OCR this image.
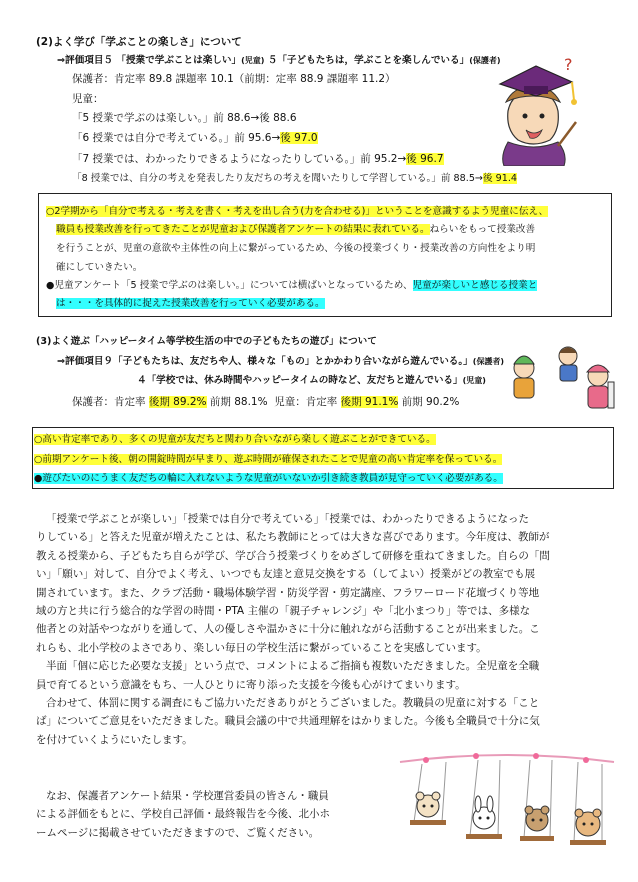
(2)よく学び「学ぶことの楽しさ」について
⇒評価項目５ 「授業で学ぶことは楽しい」(児童) ５「子どもたちは，学ぶことを楽しんでいる」(保護者)
保護者：肯定率 89.8 課題率 10.1（前期：定率 88.9 課題率 11.2）
児童：
「5 授業で学ぶのは楽しい。」前 88.6→後 88.6
「6 授業では自分で考えている。」前 95.6→後 97.0
「7 授業では、わかったりできるようになったりしている。」前 95.2→後 96.7
「8 授業では、自分の考えを発表したり友だちの考えを聞いたりして学習している。」前 88.5→後 91.4
?
○2学期から「自分で考える・考えを書く・考えを出し合う(力を合わせる)」ということを意識するよう児童に伝え、
職員も授業改善を行ってきたことが児童および保護者アンケートの結果に表れている。ねらいをもって授業改善
を行うことが、児童の意欲や主体性の向上に繋がっているため、今後の授業づくり・授業改善の方向性をより明
確にしていきたい。
●児童アンケート「5 授業で学ぶのは楽しい。」については横ばいとなっているため、児童が楽しいと感じる授業と
は・・・を具体的に捉えた授業改善を行っていく必要がある。
(3)よく遊ぶ「ハッピータイム等学校生活の中での子どもたちの遊び」について
⇒評価項目９「子どもたちは、友だちや人、様々な「もの」とかかわり合いながら遊んでいる。」(保護者)
４「学校では、休み時間やハッピータイムの時など、友だちと遊んでいる」(児童)
保護者：肯定率 後期 89.2% 前期 88.1% 児童：肯定率 後期 91.1% 前期 90.2%
○高い肯定率であり、多くの児童が友だちと関わり合いながら楽しく遊ぶことができている。
○前期アンケート後、朝の開錠時間が早まり、遊ぶ時間が確保されたことで児童の高い肯定率を保っている。
●遊びたいのにうまく友だちの輪に入れないような児童がいないか引き続き教員が見守っていく必要がある。

「授業で学ぶことが楽しい」「授業では自分で考えている」「授業では、わかったりできるようになった

りしている」と答えた児童が増えたことは、私たち教師にとっては大きな喜びであります。今年度は、教師が

教える授業から、子どもたち自らが学び、学び合う授業づくりをめざして研修を重ねてきました。自らの「問

い」「願い」対して、自分でよく考え、いつでも友達と意見交換をする（してよい）授業がどの教室でも展

開されています。また、クラブ活動・職場体験学習・防災学習・剪定講座、フラワーロード花壇づくり等地

域の方と共に行う総合的な学習の時間・PTA 主催の「親子チャレンジ」や「北小まつり」等では、多様な

他者との対話やつながりを通して、人の優しさや温かさに十分に触れながら活動することが出来ました。こ

れらも、北小学校のよさであり、楽しい毎日の学校生活に繋がっていることを実感しています。

半面「個に応じた必要な支援」という点で、コメントによるご指摘も複数いただきました。全児童を全職

員で育てるという意識をもち、一人ひとりに寄り添った支援を今後も心がけてまいります。

合わせて、体罰に関する調査にもご協力いただきありがとうございました。教職員の児童に対する「こと

ば」についてご意見をいただきました。職員会議の中で共通理解をはかりました。今後も全職員で十分に気

を付けていくようにいたします。

なお、保護者アンケート結果・学校運営委員の皆さん・職員

による評価をもとに、学校自己評価・最終報告を今後、北小ホ

ームページに掲載させていただきますので、ご覧ください。
